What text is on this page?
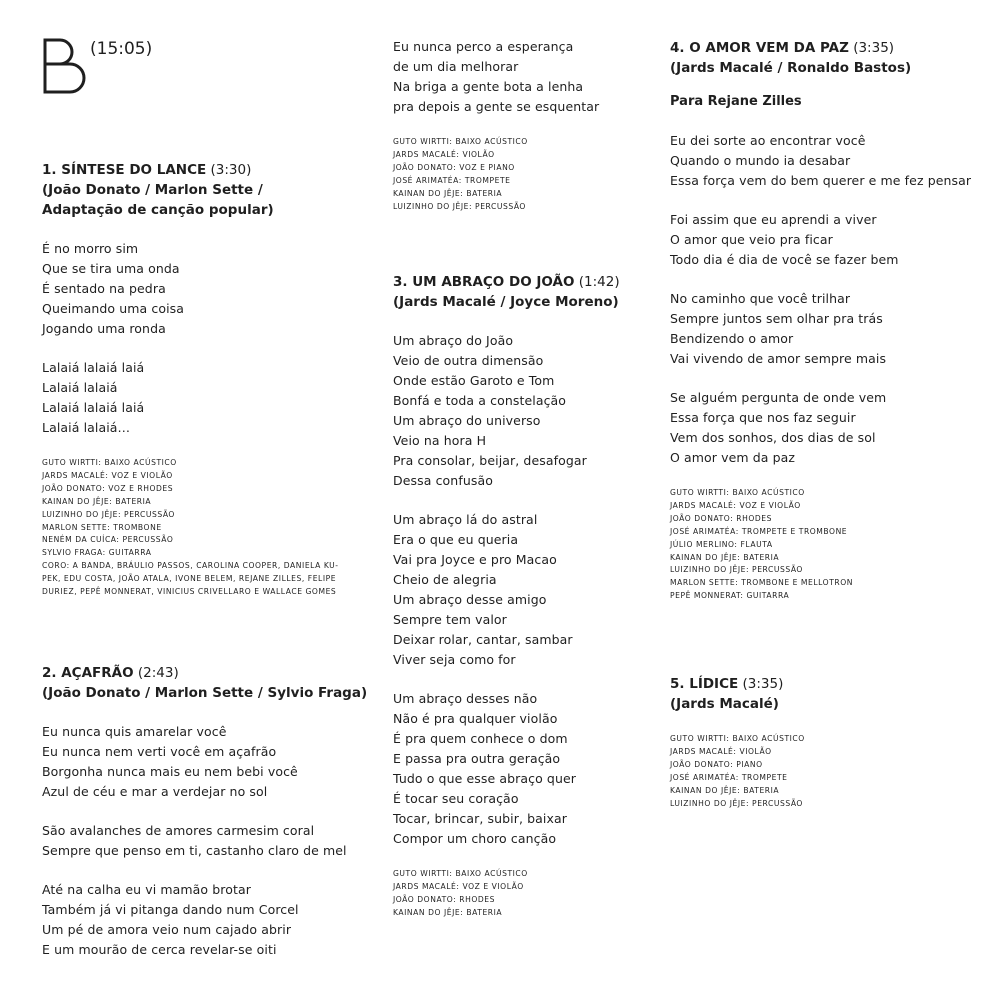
B (15:05)
1. SÍNTESE DO LANCE (3:30)
(João Donato / Marlon Sette /
Adaptação de canção popular)
É no morro sim
Que se tira uma onda
É sentado na pedra
Queimando uma coisa
Jogando uma ronda
Lalaiá lalaiá laiá
Lalaiá lalaiá
Lalaiá lalaiá laiá
Lalaiá lalaiá…
GUTO WIRTTI: BAIXO ACÚSTICO
JARDS MACALÉ: VOZ E VIOLÃO
JOÃO DONATO: VOZ E RHODES
KAINAN DO JÊJE: BATERIA
LUIZINHO DO JÊJE: PERCUSSÃO
MARLON SETTE: TROMBONE
NENÉM DA CUÍCA: PERCUSSÃO
SYLVIO FRAGA: GUITARRA
CORO: A BANDA, BRÁULIO PASSOS, CAROLINA COOPER, DANIELA KU-
PEK, EDU COSTA, JOÃO ATALA, IVONE BELEM, REJANE ZILLES, FELIPE
DURIEZ, PEPÊ MONNERAT, VINICIUS CRIVELLARO E WALLACE GOMES
2. AÇAFRÃO (2:43)
(João Donato / Marlon Sette / Sylvio Fraga)
Eu nunca quis amarelar você
Eu nunca nem verti você em açafrão
Borgonha nunca mais eu nem bebi você
Azul de céu e mar a verdejar no sol
São avalanches de amores carmesim coral
Sempre que penso em ti, castanho claro de mel
Até na calha eu vi mamão brotar
Também já vi pitanga dando num Corcel
Um pé de amora veio num cajado abrir
E um mourão de cerca revelar-se oiti
Eu nunca perco a esperança
de um dia melhorar
Na briga a gente bota a lenha
pra depois a gente se esquentar
GUTO WIRTTI: BAIXO ACÚSTICO
JARDS MACALÉ: VIOLÃO
JOÃO DONATO: VOZ E PIANO
JOSÉ ARIMATÉA: TROMPETE
KAINAN DO JÊJE: BATERIA
LUIZINHO DO JÊJE: PERCUSSÃO
3. UM ABRAÇO DO JOÃO (1:42)
(Jards Macalé / Joyce Moreno)
Um abraço do João
Veio de outra dimensão
Onde estão Garoto e Tom
Bonfá e toda a constelação
Um abraço do universo
Veio na hora H
Pra consolar, beijar, desafogar
Dessa confusão
Um abraço lá do astral
Era o que eu queria
Vai pra Joyce e pro Macao
Cheio de alegria
Um abraço desse amigo
Sempre tem valor
Deixar rolar, cantar, sambar
Viver seja como for
Um abraço desses não
Não é pra qualquer violão
É pra quem conhece o dom
E passa pra outra geração
Tudo o que esse abraço quer
É tocar seu coração
Tocar, brincar, subir, baixar
Compor um choro canção
GUTO WIRTTI: BAIXO ACÚSTICO
JARDS MACALÉ: VOZ E VIOLÃO
JOÃO DONATO: RHODES
KAINAN DO JÊJE: BATERIA
4. O AMOR VEM DA PAZ (3:35)
(Jards Macalé / Ronaldo Bastos)
Para Rejane Zilles
Eu dei sorte ao encontrar você
Quando o mundo ia desabar
Essa força vem do bem querer e me fez pensar
Foi assim que eu aprendi a viver
O amor que veio pra ficar
Todo dia é dia de você se fazer bem
No caminho que você trilhar
Sempre juntos sem olhar pra trás
Bendizendo o amor
Vai vivendo de amor sempre mais
Se alguém pergunta de onde vem
Essa força que nos faz seguir
Vem dos sonhos, dos dias de sol
O amor vem da paz
GUTO WIRTTI: BAIXO ACÚSTICO
JARDS MACALÉ: VOZ E VIOLÃO
JOÃO DONATO: RHODES
JOSÉ ARIMATÉA: TROMPETE E TROMBONE
JÚLIO MERLINO: FLAUTA
KAINAN DO JÊJE: BATERIA
LUIZINHO DO JÊJE: PERCUSSÃO
MARLON SETTE: TROMBONE E MELLOTRON
PEPÊ MONNERAT: GUITARRA
5. LÍDICE (3:35)
(Jards Macalé)
GUTO WIRTTI: BAIXO ACÚSTICO
JARDS MACALÉ: VIOLÃO
JOÃO DONATO: PIANO
JOSÉ ARIMATÉA: TROMPETE
KAINAN DO JÊJE: BATERIA
LUIZINHO DO JÊJE: PERCUSSÃO
